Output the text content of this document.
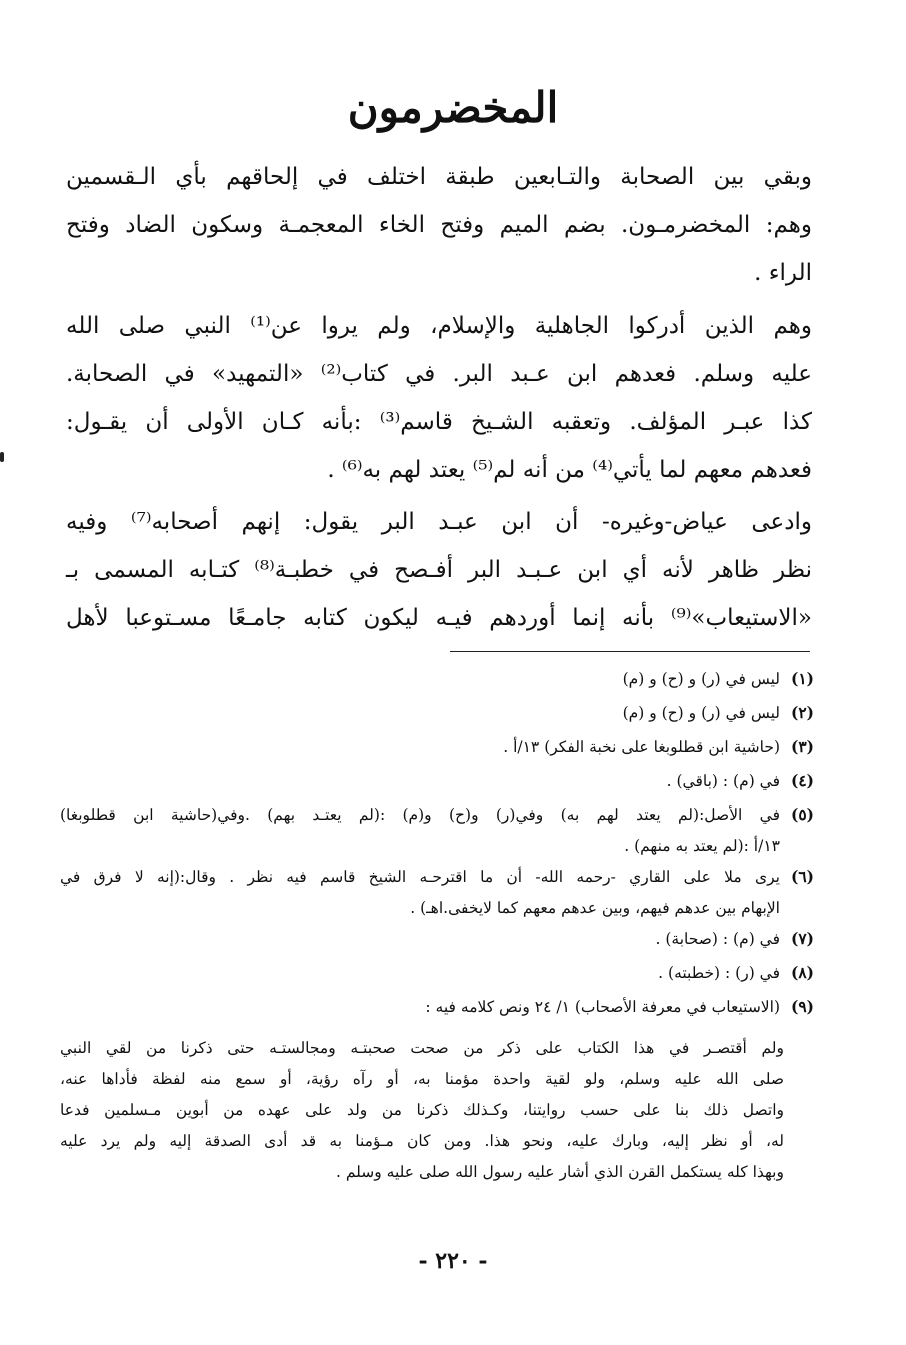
المخضرمون
وبقي بين الصحابة والتـابعين طبقة اختلف في إلحاقهم بأي الـقسمين
وهم: المخضرمـون. بضم الميم وفتح الخاء المعجمـة وسكون الضاد وفتح
الراء .
وهم الذين أدركوا الجاهلية والإسلام، ولم يروا عن⁽¹⁾ النبي صلى الله
عليه وسلم. فعدهم ابن عـبد البر. في كتاب⁽²⁾ «التمهيد» في الصحابة.
كذا عبـر المؤلف. وتعقبه الشـيخ قاسم⁽³⁾ :بأنه كـان الأولى أن يقـول:
فعدهم معهم لما يأتي⁽⁴⁾ من أنه لم⁽⁵⁾ يعتد لهم به⁽⁶⁾ .
وادعى عياض-وغيره- أن ابن عبـد البر يقول: إنهم أصحابه⁽⁷⁾ وفيه
نظر ظاهر لأنه أي ابن عـبـد البر أفـصح في خطبـة⁽⁸⁾ كتـابه المسمى بـ
«الاستيعاب»⁽⁹⁾ بأنه إنما أوردهم فيـه ليكون كتابه جامـعًا مسـتوعبا لأهل
(١)
ليس في (ر) و (ح) و (م)
(٢)
ليس في (ر) و (ح) و (م)
(٣)
(حاشية ابن قطلوبغا على نخبة الفكر) ١٣/أ .
(٤)
في (م) : (باقي) .
(٥)
في الأصل:(لم يعتد لهم به) وفي(ر) و(ح) و(م) :(لم يعتـد بهم) .وفي(حاشية ابن قطلوبغا)
١٣/أ :(لم يعتد به منهم) .
(٦)
يرى ملا على القاري -رحمه الله- أن ما اقترحـه الشيخ قاسم فيه نظر . وقال:(إنه لا فرق في
الإبهام بين عدهم فيهم، وبين عدهم معهم كما لايخفى.اهـ) .
(٧)
في (م) : (صحابة) .
(٨)
في (ر) : (خطبته) .
(٩)
(الاستيعاب في معرفة الأصحاب) ١/ ٢٤ ونص كلامه فيه :
ولم أقتصـر في هذا الكتاب على ذكر من صحت صحبتـه ومجالستـه حتى ذكرنا من لقي النبي
صلى الله عليه وسلم، ولو لقية واحدة مؤمنا به، أو رآه رؤية، أو سمع منه لفظة فأداها عنه،
واتصل ذلك بنا على حسب روايتنا، وكـذلك ذكرنا من ولد على عهده من أبوين مـسلمين فدعا
له، أو نظر إليه، وبارك عليه، ونحو هذا. ومن كان مـؤمنا به قد أدى الصدقة إليه ولم يرد عليه
وبهذا كله يستكمل القرن الذي أشار عليه رسول الله صلى عليه وسلم .
- ٢٢٠ -
